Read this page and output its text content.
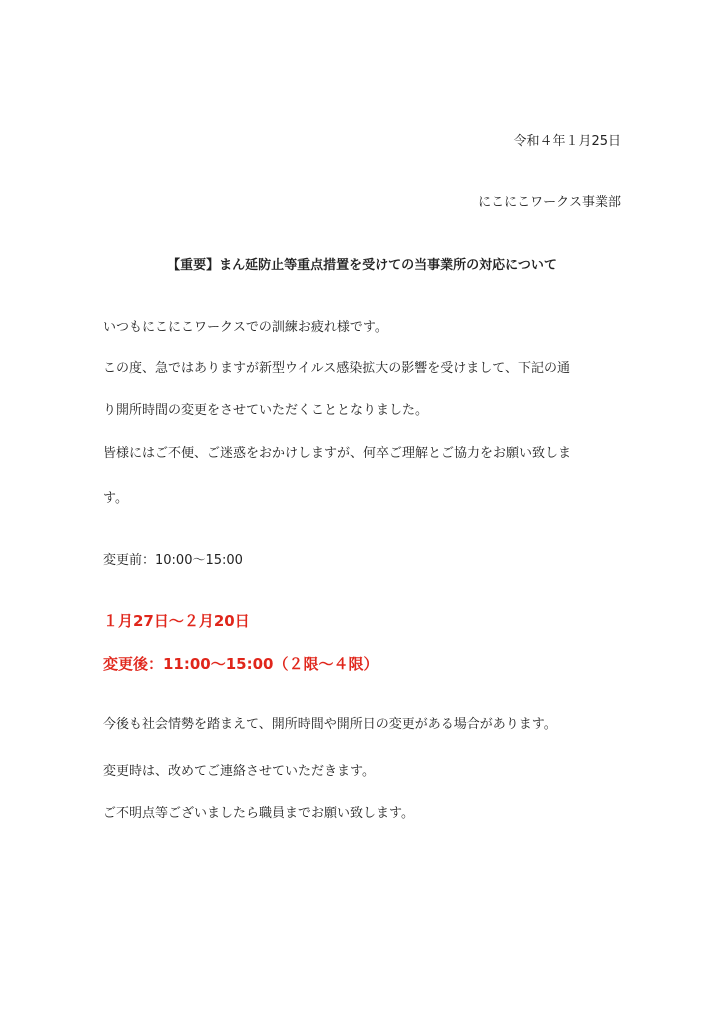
令和４年１月25日
にこにこワークス事業部
【重要】まん延防止等重点措置を受けての当事業所の対応について
いつもにこにこワークスでの訓練お疲れ様です。
この度、急ではありますが新型ウイルス感染拡大の影響を受けまして、下記の通
り開所時間の変更をさせていただくこととなりました。
皆様にはご不便、ご迷惑をおかけしますが、何卒ご理解とご協力をお願い致しま
す。
変更前：10:00～15:00
１月27日～２月20日
変更後：11:00～15:00（２限～４限）
今後も社会情勢を踏まえて、開所時間や開所日の変更がある場合があります。
変更時は、改めてご連絡させていただきます。
ご不明点等ございましたら職員までお願い致します。
